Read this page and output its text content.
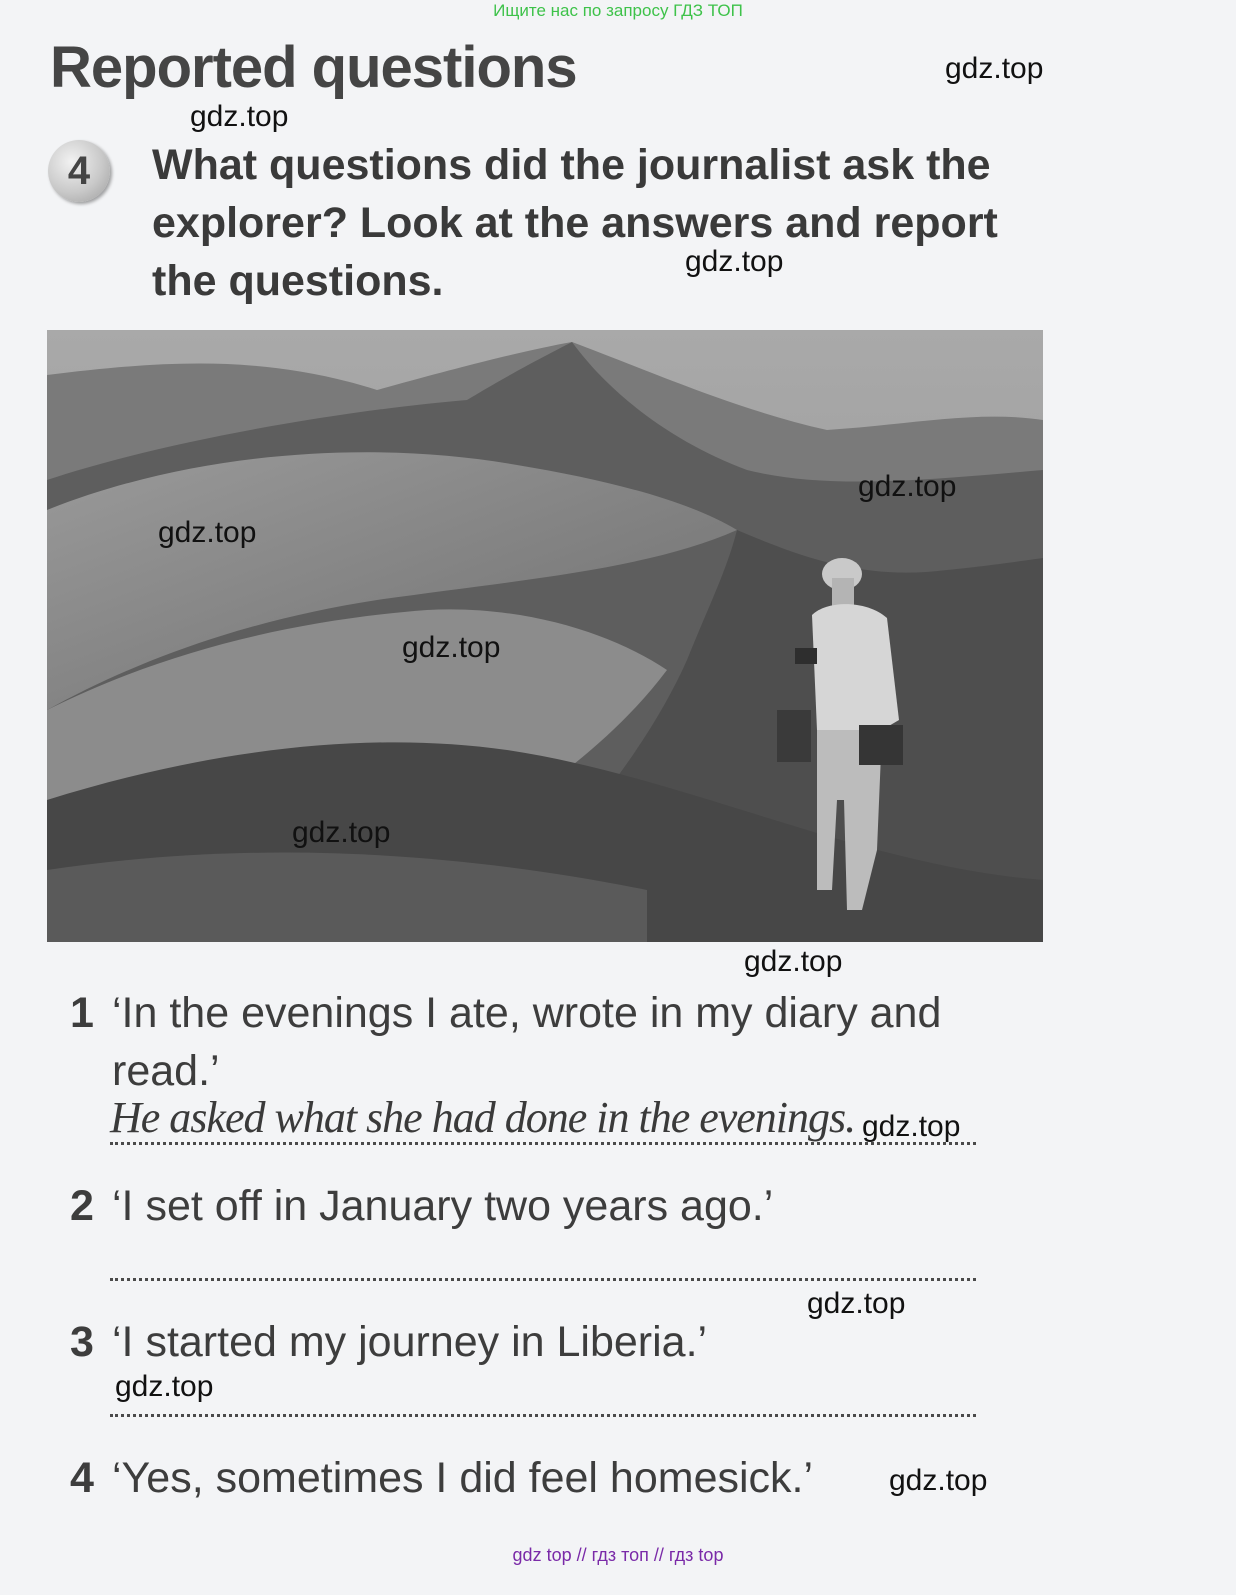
Ищите нас по запросу ГДЗ ТОП

Reported questions
4	What questions did the journalist ask the explorer? Look at the answers and report the questions.

1 ‘In the evenings I ate, wrote in my diary and read.’
He asked what she had done in the evenings.
2 ‘I set off in January two years ago.’
3 ‘I started my journey in Liberia.’
4 ‘Yes, sometimes I did feel homesick.’
gdz.top
gdz.top
gdz.top
gdz.top
gdz.top
gdz.top
gdz.top
gdz.top
gdz.top
gdz.top
gdz.top
gdz.top
gdz top // гдз топ // гдз top
